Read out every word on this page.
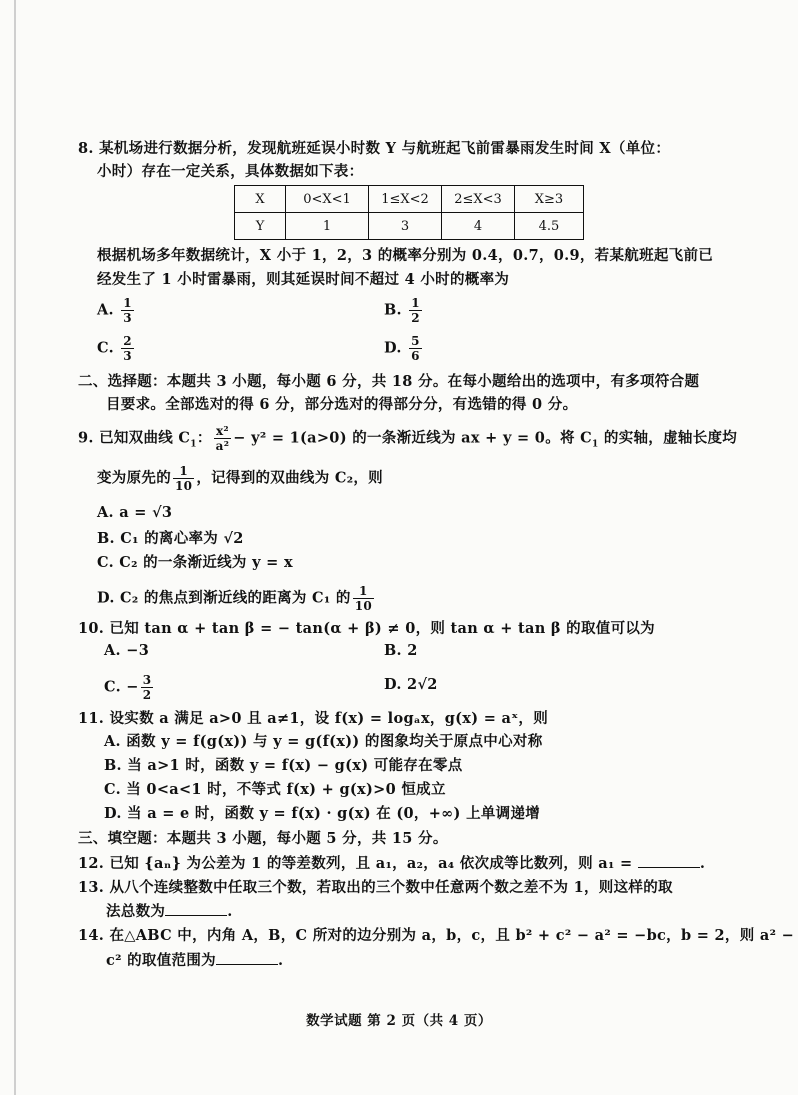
8. 某机场进行数据分析，发现航班延误小时数 Y 与航班起飞前雷暴雨发生时间 X（单位：
小时）存在一定关系，具体数据如下表：
X	0<X<1	1≤X<2	2≤X<3	X≥3
Y	1	3	4	4.5
根据机场多年数据统计，X 小于 1，2，3 的概率分别为 0.4，0.7，0.9，若某航班起飞前已
经发生了 1 小时雷暴雨，则其延误时间不超过 4 小时的概率为
A. $\frac{1}{3}$	B. $\frac{1}{2}$
C. $\frac{2}{3}$	D. $\frac{5}{6}$
二、选择题：本题共 3 小题，每小题 6 分，共 18 分。在每小题给出的选项中，有多项符合题
目要求。全部选对的得 6 分，部分选对的得部分分，有选错的得 0 分。
9. 已知双曲线 $C_1$： $\frac{\text{x²}}{\text{a²}} - y^2 = 1(a>0)$ 的一条渐近线为 ax + y = 0。将 $C_1$ 的实轴，虚轴长度均
变为原先的 $\frac{1}{10}$ ，记得到的双曲线为 C₂，则
A. a = √3
B. C₁ 的离心率为 √2
C. C₂ 的一条渐近线为 y = x
D. C₂ 的焦点到渐近线的距离为 C₁ 的 $\frac{1}{10}$
10. 已知 tan α + tan β = − tan(α + β) ≠ 0，则 tan α + tan β 的取值可以为
A. −3	B. 2
C. − $\frac{3}{2}$	D. 2√2
11. 设实数 a 满足 a>0 且 a≠1，设 f(x) = logₐx，g(x) = aˣ，则
A. 函数 y = f(g(x)) 与 y = g(f(x)) 的图象均关于原点中心对称
B. 当 a>1 时，函数 y = f(x) − g(x) 可能存在零点
C. 当 0<a<1 时，不等式 f(x) + g(x)>0 恒成立
D. 当 a = e 时，函数 y = f(x) · g(x) 在 (0，+∞) 上单调递增
三、填空题：本题共 3 小题，每小题 5 分，共 15 分。
12. 已知 {aₙ} 为公差为 1 的等差数列，且 a₁，a₂，a₄ 依次成等比数列，则 a₁ =	.
13. 从八个连续整数中任取三个数，若取出的三个数中任意两个数之差不为 1，则这样的取
法总数为	.
14. 在△ABC 中，内角 A，B，C 所对的边分别为 a，b，c，且 b² + c² − a² = −bc，b = 2，则 a² −
c² 的取值范围为	.
数学试题 第 2 页（共 4 页）
